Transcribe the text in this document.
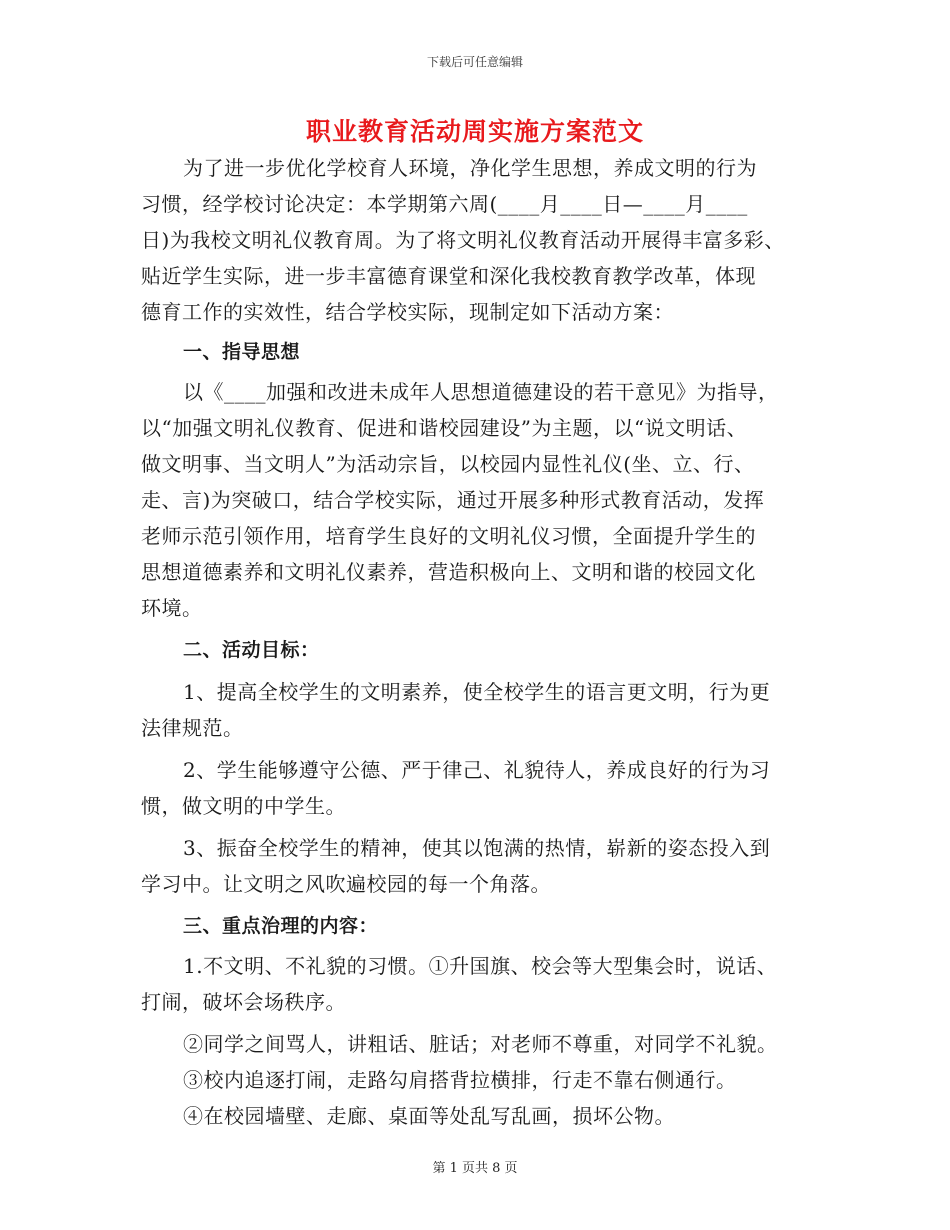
下载后可任意编辑
职业教育活动周实施方案范文
为了进一步优化学校育人环境，净化学生思想，养成文明的行为
习惯，经学校讨论决定：本学期第六周(____月____日—____月____
日)为我校文明礼仪教育周。为了将文明礼仪教育活动开展得丰富多彩、
贴近学生实际，进一步丰富德育课堂和深化我校教育教学改革，体现
德育工作的实效性，结合学校实际，现制定如下活动方案：
一、指导思想
以《____加强和改进未成年人思想道德建设的若干意见》为指导，
以“加强文明礼仪教育、促进和谐校园建设”为主题，以“说文明话、
做文明事、当文明人”为活动宗旨，以校园内显性礼仪(坐、立、行、
走、言)为突破口，结合学校实际，通过开展多种形式教育活动，发挥
老师示范引领作用，培育学生良好的文明礼仪习惯，全面提升学生的
思想道德素养和文明礼仪素养，营造积极向上、文明和谐的校园文化
环境。
二、活动目标：
1、提高全校学生的文明素养，使全校学生的语言更文明，行为更
法律规范。
2、学生能够遵守公德、严于律己、礼貌待人，养成良好的行为习
惯，做文明的中学生。
3、振奋全校学生的精神，使其以饱满的热情，崭新的姿态投入到
学习中。让文明之风吹遍校园的每一个角落。
三、重点治理的内容：
1.不文明、不礼貌的习惯。①升国旗、校会等大型集会时，说话、
打闹，破坏会场秩序。
②同学之间骂人，讲粗话、脏话；对老师不尊重，对同学不礼貌。
③校内追逐打闹，走路勾肩搭背拉横排，行走不靠右侧通行。
④在校园墙壁、走廊、桌面等处乱写乱画，损坏公物。
第 1 页共 8 页
